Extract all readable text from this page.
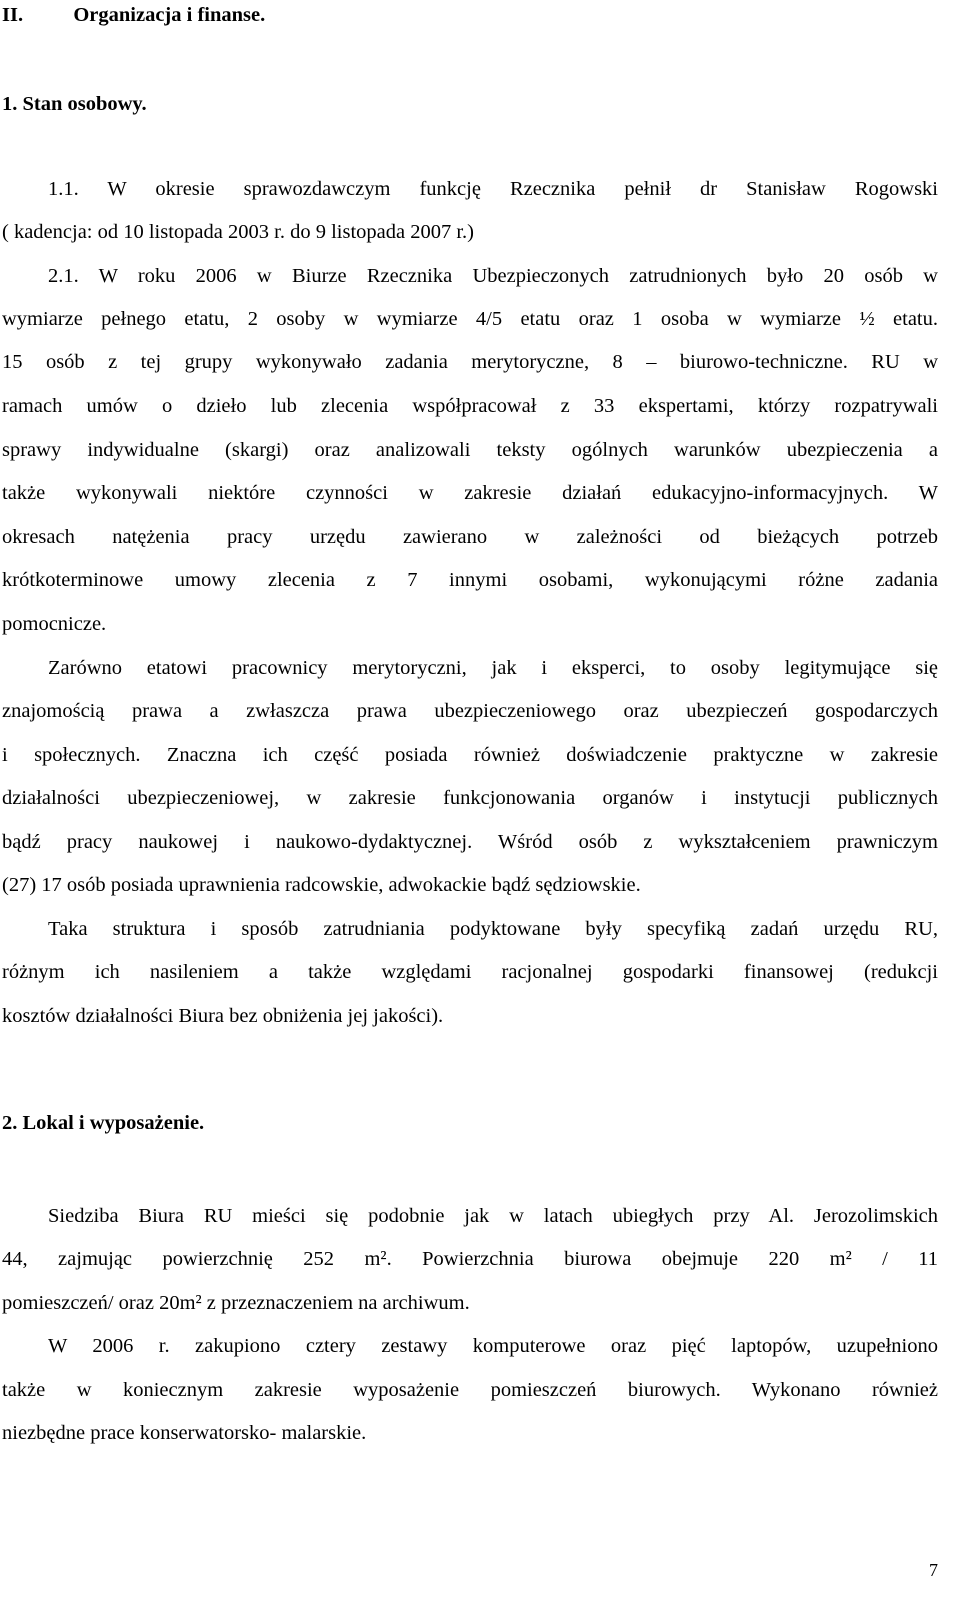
II. Organizacja i finanse.
1. Stan osobowy.
1.1. W okresie sprawozdawczym funkcję Rzecznika pełnił dr Stanisław Rogowski
( kadencja: od 10 listopada 2003 r. do 9 listopada 2007 r.)
2.1. W roku 2006 w Biurze Rzecznika Ubezpieczonych zatrudnionych było 20 osób w
wymiarze pełnego etatu, 2 osoby w wymiarze 4/5 etatu oraz 1 osoba w wymiarze ½ etatu.
15 osób z tej grupy wykonywało zadania merytoryczne, 8 – biurowo-techniczne. RU w
ramach umów o dzieło lub zlecenia współpracował z 33 ekspertami, którzy rozpatrywali
sprawy indywidualne (skargi) oraz analizowali teksty ogólnych warunków ubezpieczenia a
także wykonywali niektóre czynności w zakresie działań edukacyjno-informacyjnych. W
okresach natężenia pracy urzędu zawierano w zależności od bieżących potrzeb
krótkoterminowe umowy zlecenia z 7 innymi osobami, wykonującymi różne zadania
pomocnicze.
Zarówno etatowi pracownicy merytoryczni, jak i eksperci, to osoby legitymujące się
znajomością prawa a zwłaszcza prawa ubezpieczeniowego oraz ubezpieczeń gospodarczych
i społecznych. Znaczna ich część posiada również doświadczenie praktyczne w zakresie
działalności ubezpieczeniowej, w zakresie funkcjonowania organów i instytucji publicznych
bądź pracy naukowej i naukowo-dydaktycznej. Wśród osób z wykształceniem prawniczym
(27) 17 osób posiada uprawnienia radcowskie, adwokackie bądź sędziowskie.
Taka struktura i sposób zatrudniania podyktowane były specyfiką zadań urzędu RU,
różnym ich nasileniem a także względami racjonalnej gospodarki finansowej (redukcji
kosztów działalności Biura bez obniżenia jej jakości).
2. Lokal i wyposażenie.
Siedziba Biura RU mieści się podobnie jak w latach ubiegłych przy Al. Jerozolimskich
44, zajmując powierzchnię 252 m². Powierzchnia biurowa obejmuje 220 m² / 11
pomieszczeń/ oraz 20m² z przeznaczeniem na archiwum.
W 2006 r. zakupiono cztery zestawy komputerowe oraz pięć laptopów, uzupełniono
także w koniecznym zakresie wyposażenie pomieszczeń biurowych. Wykonano również
niezbędne prace konserwatorsko- malarskie.
7
